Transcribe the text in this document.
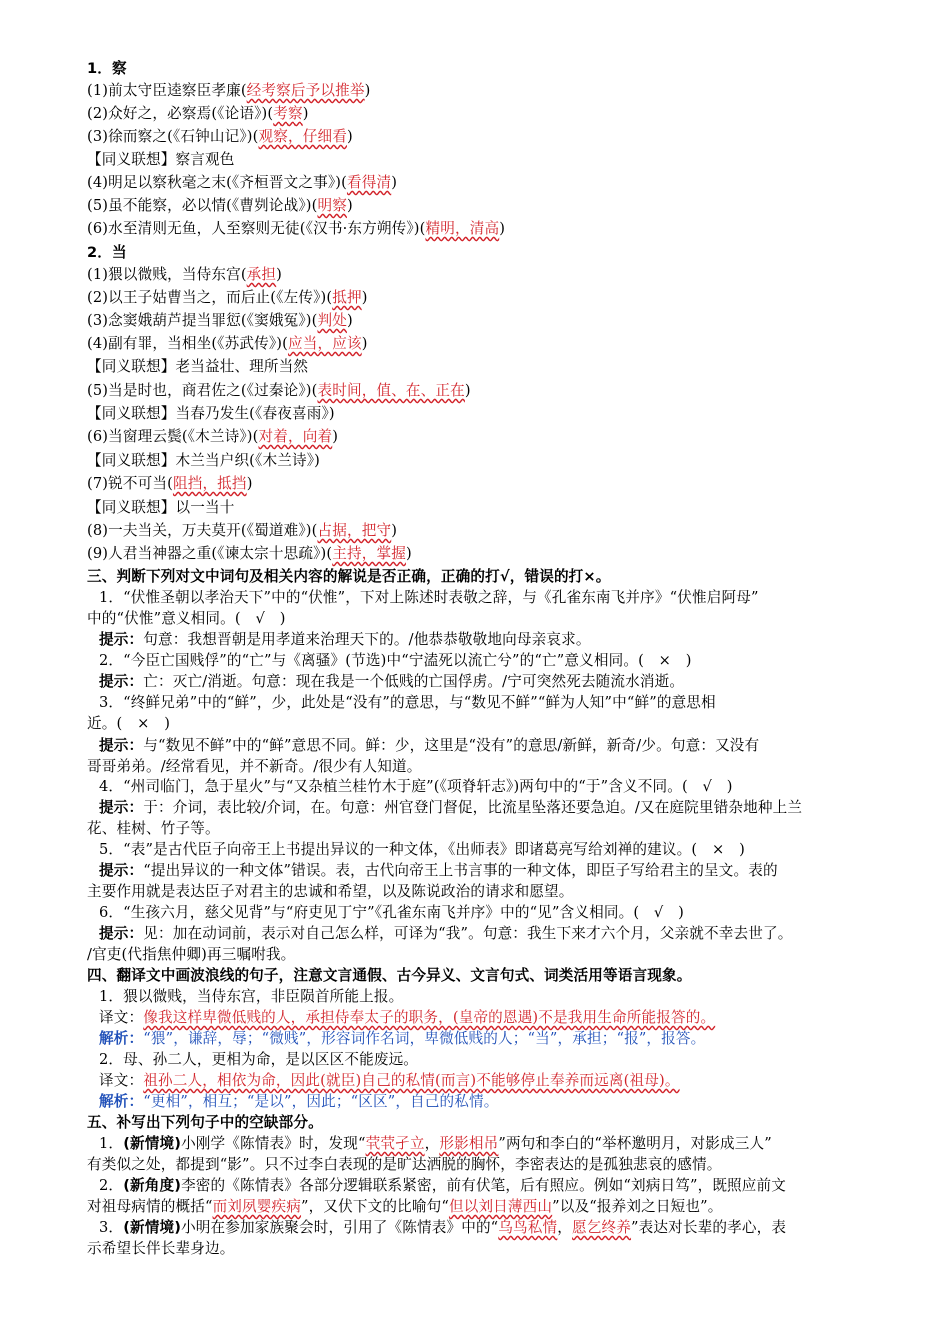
1．察
(1)前太守臣逵察臣孝廉(经考察后予以推举)
(2)众好之，必察焉(《论语》)(考察)
(3)徐而察之(《石钟山记》)(观察，仔细看)
【同义联想】察言观色
(4)明足以察秋毫之末(《齐桓晋文之事》)(看得清)
(5)虽不能察，必以情(《曹刿论战》)(明察)
(6)水至清则无鱼，人至察则无徒(《汉书·东方朔传》)(精明，清高)
2．当
(1)猥以微贱，当侍东宫(承担)
(2)以王子姑曹当之，而后止(《左传》)(抵押)
(3)念窦娥葫芦提当罪愆(《窦娥冤》)(判处)
(4)副有罪，当相坐(《苏武传》)(应当，应该)
【同义联想】老当益壮、理所当然
(5)当是时也，商君佐之(《过秦论》)(表时间，值、在、正在)
【同义联想】当春乃发生(《春夜喜雨》)
(6)当窗理云鬓(《木兰诗》)(对着，向着)
【同义联想】木兰当户织(《木兰诗》)
(7)锐不可当(阻挡，抵挡)
【同义联想】以一当十
(8)一夫当关，万夫莫开(《蜀道难》)(占据，把守)
(9)人君当神器之重(《谏太宗十思疏》)(主持，掌握)
三、判断下列对文中词句及相关内容的解说是否正确，正确的打√，错误的打×。
1．“伏惟圣朝以孝治天下”中的“伏惟”，下对上陈述时表敬之辞，与《孔雀东南飞并序》“伏惟启阿母”
中的“伏惟”意义相同。(　√　)
提示：句意：我想晋朝是用孝道来治理天下的。/他恭恭敬敬地向母亲哀求。
2．“今臣亡国贱俘”的“亡”与《离骚》(节选)中“宁溘死以流亡兮”的“亡”意义相同。(　×　)
提示：亡：灭亡/消逝。句意：现在我是一个低贱的亡国俘虏。/宁可突然死去随流水消逝。
3．“终鲜兄弟”中的“鲜”，少，此处是“没有”的意思，与“数见不鲜”“鲜为人知”中“鲜”的意思相
近。(　×　)
提示：与“数见不鲜”中的“鲜”意思不同。鲜：少，这里是“没有”的意思/新鲜，新奇/少。句意：又没有
哥哥弟弟。/经常看见，并不新奇。/很少有人知道。
4．“州司临门，急于星火”与“又杂植兰桂竹木于庭”(《项脊轩志》)两句中的“于”含义不同。(　√　)
提示：于：介词，表比较/介词，在。句意：州官登门督促，比流星坠落还要急迫。/又在庭院里错杂地种上兰
花、桂树、竹子等。
5．“表”是古代臣子向帝王上书提出异议的一种文体，《出师表》即诸葛亮写给刘禅的建议。(　×　)
提示：“提出异议的一种文体”错误。表，古代向帝王上书言事的一种文体，即臣子写给君主的呈文。表的
主要作用就是表达臣子对君主的忠诚和希望，以及陈说政治的请求和愿望。
6．“生孩六月，慈父见背”与“府吏见丁宁”《孔雀东南飞并序》中的“见”含义相同。(　√　)
提示：见：加在动词前，表示对自己怎么样，可译为“我”。句意：我生下来才六个月，父亲就不幸去世了。
/官吏(代指焦仲卿)再三嘱咐我。
四、翻译文中画波浪线的句子，注意文言通假、古今异义、文言句式、词类活用等语言现象。
1．猥以微贱，当侍东宫，非臣陨首所能上报。
译文：像我这样卑微低贱的人，承担侍奉太子的职务，(皇帝的恩遇)不是我用生命所能报答的。
解析：“猥”，谦辞，辱；“微贱”，形容词作名词，卑微低贱的人；“当”，承担；“报”，报答。
2．母、孙二人，更相为命，是以区区不能废远。
译文：祖孙二人，相依为命，因此(就臣)自己的私情(而言)不能够停止奉养而远离(祖母)。
解析：“更相”，相互；“是以”，因此；“区区”，自己的私情。
五、补写出下列句子中的空缺部分。
1．(新情境)小刚学《陈情表》时，发现“茕茕孑立，形影相吊”两句和李白的“举杯邀明月，对影成三人”
有类似之处，都提到“影”。只不过李白表现的是旷达洒脱的胸怀，李密表达的是孤独悲哀的感情。
2．(新角度)李密的《陈情表》各部分逻辑联系紧密，前有伏笔，后有照应。例如“刘病日笃”，既照应前文
对祖母病情的概括“而刘夙婴疾病”，又伏下文的比喻句“但以刘日薄西山”以及“报养刘之日短也”。
3．(新情境)小明在参加家族聚会时，引用了《陈情表》中的“乌鸟私情，愿乞终养”表达对长辈的孝心，表
示希望长伴长辈身边。
